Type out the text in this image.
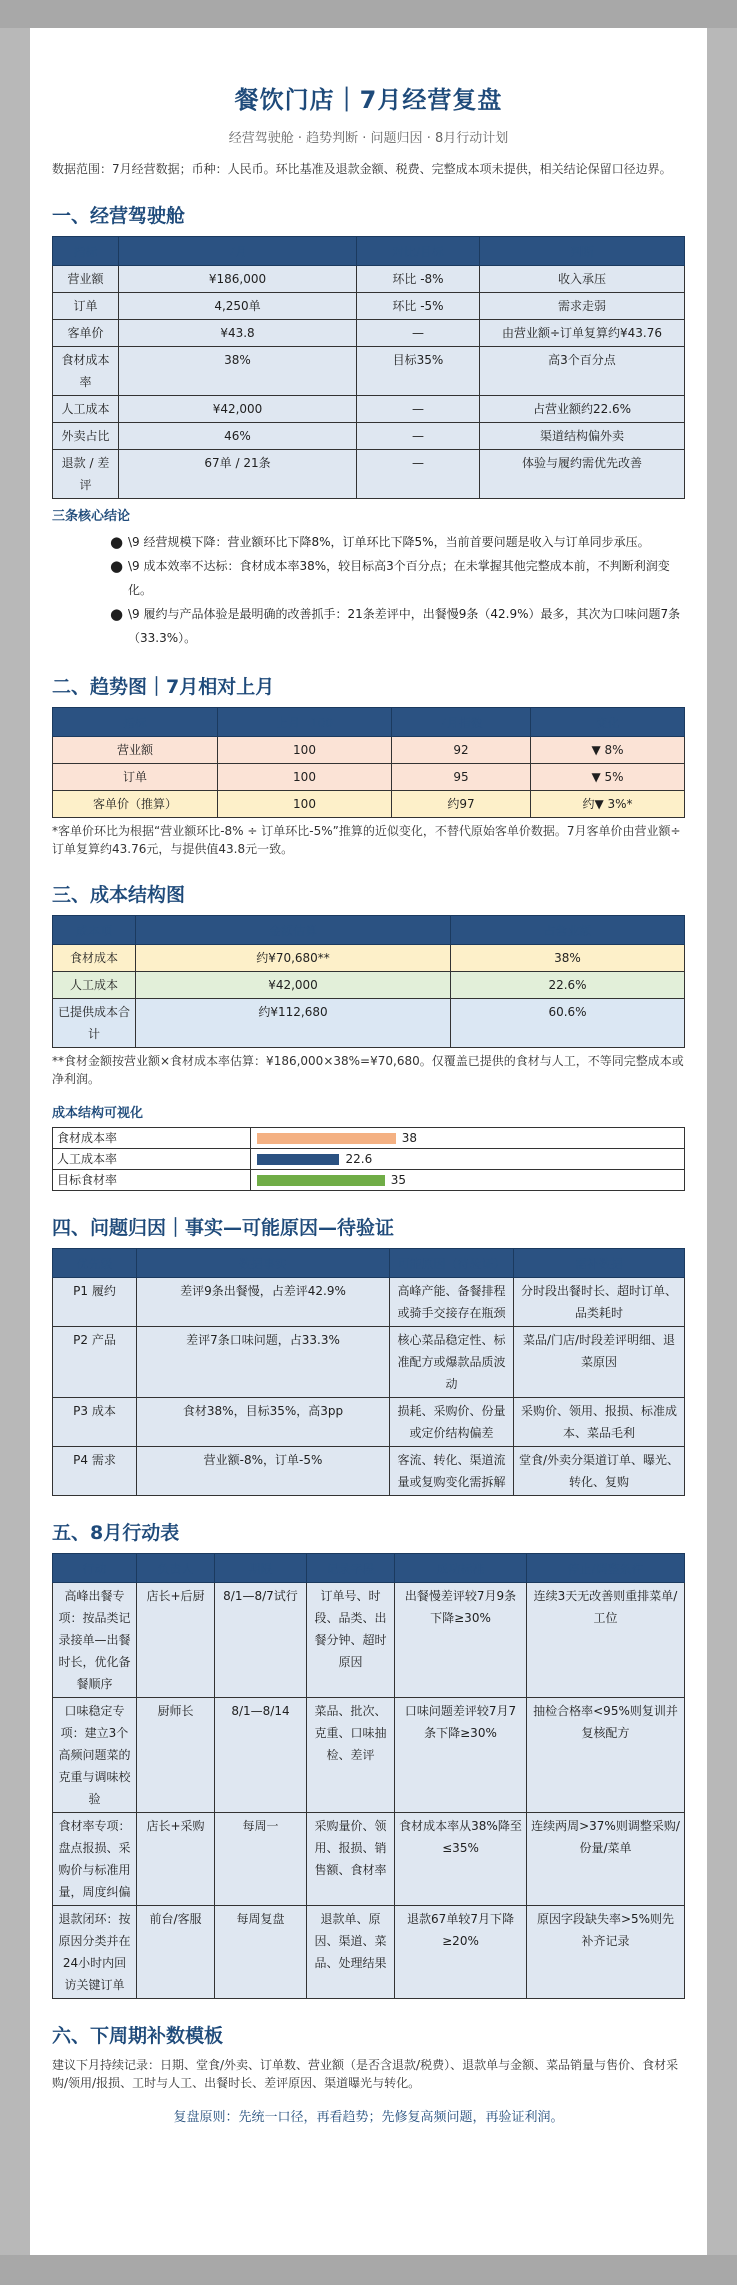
餐饮门店｜7月经营复盘
经营驾驶舱 · 趋势判断 · 问题归因 · 8月行动计划
数据范围：7月经营数据；币种：人民币。环比基准及退款金额、税费、完整成本项未提供，相关结论保留口径边界。
一、经营驾驶舱
指标	7月	对比/目标	判断
营业额	¥186,000	环比 -8%	收入承压
订单	4,250单	环比 -5%	需求走弱
客单价	¥43.8	—	由营业额÷订单复算约¥43.76
食材成本率	38%	目标35%	高3个百分点
人工成本	¥42,000	—	占营业额约22.6%
外卖占比	46%	—	渠道结构偏外卖
退款 / 差评	67单 / 21条	—	体验与履约需优先改善
三条核心结论
● \9 经营规模下降：营业额环比下降8%，订单环比下降5%，当前首要问题是收入与订单同步承压。
● \9 成本效率不达标：食材成本率38%，较目标高3个百分点；在未掌握其他完整成本前，不判断利润变化。
● \9 履约与产品体验是最明确的改善抓手：21条差评中，出餐慢9条（42.9%）最多，其次为口味问题7条（33.3%）。
二、趋势图｜7月相对上月
指标	上月=100	7月指数	变化
营业额	100	92	▼ 8%
订单	100	95	▼ 5%
客单价（推算）	100	约97	约▼ 3%*
*客单价环比为根据“营业额环比-8% ÷ 订单环比-5%”推算的近似变化，不替代原始客单价数据。7月客单价由营业额÷订单复算约43.76元，与提供值43.8元一致。
三、成本结构图
成本项	金额估算	占营业额
食材成本	约¥70,680**	38%
人工成本	¥42,000	22.6%
已提供成本合计	约¥112,680	60.6%
**食材金额按营业额×食材成本率估算：¥186,000×38%=¥70,680。仅覆盖已提供的食材与人工，不等同完整成本或净利润。
成本结构可视化
食材成本率	38

人工成本率	22.6

目标食材率	35
四、问题归因｜事实—可能原因—待验证
优先级	数据事实	可能原因（待验证）	需补数据
P1 履约	差评9条出餐慢，占差评42.9%	高峰产能、备餐排程或骑手交接存在瓶颈	分时段出餐时长、超时订单、品类耗时
P2 产品	差评7条口味问题，占33.3%	核心菜品稳定性、标准配方或爆款品质波动	菜品/门店/时段差评明细、退菜原因
P3 成本	食材38%，目标35%，高3pp	损耗、采购价、份量或定价结构偏差	采购价、领用、报损、标准成本、菜品毛利
P4 需求	营业额-8%，订单-5%	客流、转化、渠道流量或复购变化需拆解	堂食/外卖分渠道订单、曝光、转化、复购
五、8月行动表
行动	负责人	期限	记录字段	成功标准	停止/调整条件
高峰出餐专项：按品类记录接单—出餐时长，优化备餐顺序	店长+后厨	8/1—8/7试行	订单号、时段、品类、出餐分钟、超时原因	出餐慢差评较7月9条下降≥30%	连续3天无改善则重排菜单/工位
口味稳定专项：建立3个高频问题菜的克重与调味校验	厨师长	8/1—8/14	菜品、批次、克重、口味抽检、差评	口味问题差评较7月7条下降≥30%	抽检合格率<95%则复训并复核配方
食材率专项：盘点报损、采购价与标准用量，周度纠偏	店长+采购	每周一	采购量价、领用、报损、销售额、食材率	食材成本率从38%降至≤35%	连续两周>37%则调整采购/份量/菜单
退款闭环：按原因分类并在24小时内回访关键订单	前台/客服	每周复盘	退款单、原因、渠道、菜品、处理结果	退款67单较7月下降≥20%	原因字段缺失率>5%则先补齐记录
六、下周期补数模板
建议下月持续记录：日期、堂食/外卖、订单数、营业额（是否含退款/税费）、退款单与金额、菜品销量与售价、食材采购/领用/报损、工时与人工、出餐时长、差评原因、渠道曝光与转化。
复盘原则：先统一口径，再看趋势；先修复高频问题，再验证利润。
